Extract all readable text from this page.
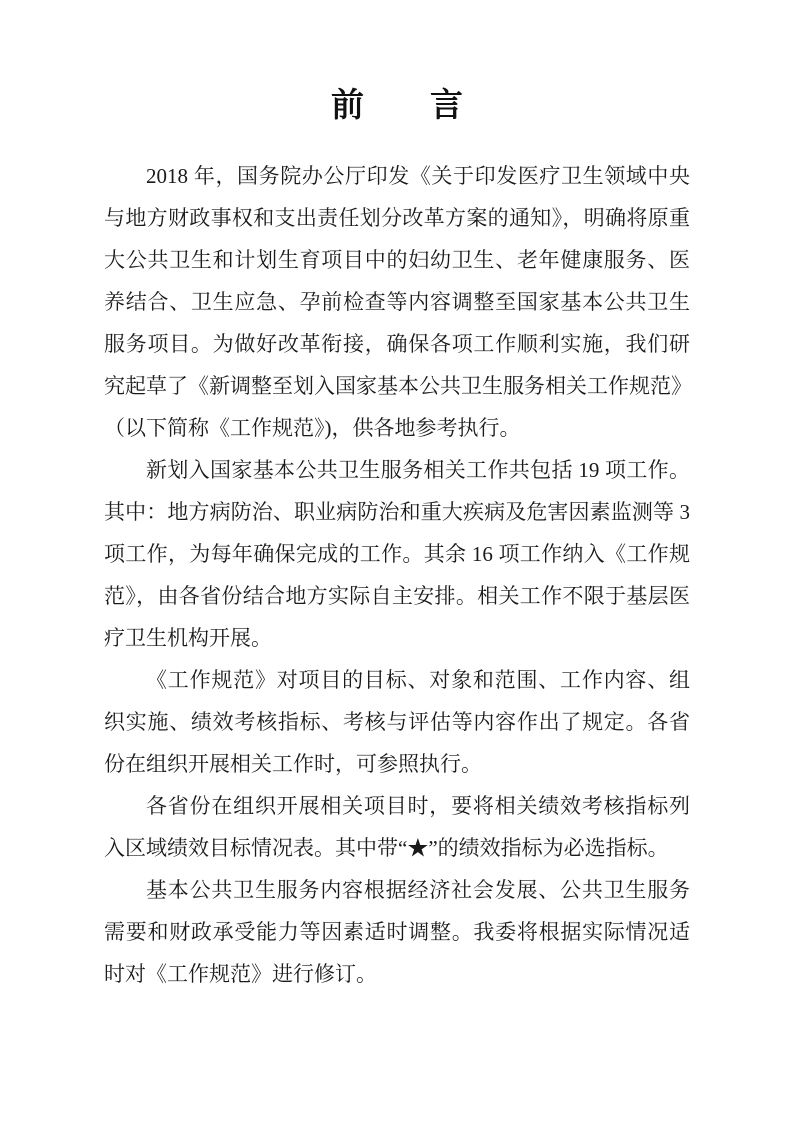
前　　言
2018 年，国务院办公厅印发《关于印发医疗卫生领域中央
与地方财政事权和支出责任划分改革方案的通知》，明确将原重
大公共卫生和计划生育项目中的妇幼卫生、老年健康服务、医
养结合、卫生应急、孕前检查等内容调整至国家基本公共卫生
服务项目。为做好改革衔接，确保各项工作顺利实施，我们研
究起草了《新调整至划入国家基本公共卫生服务相关工作规范》
（以下简称《工作规范》)，供各地参考执行。
新划入国家基本公共卫生服务相关工作共包括 19 项工作。
其中：地方病防治、职业病防治和重大疾病及危害因素监测等 3
项工作，为每年确保完成的工作。其余 16 项工作纳入《工作规
范》，由各省份结合地方实际自主安排。相关工作不限于基层医
疗卫生机构开展。
《工作规范》对项目的目标、对象和范围、工作内容、组
织实施、绩效考核指标、考核与评估等内容作出了规定。各省
份在组织开展相关工作时，可参照执行。
各省份在组织开展相关项目时，要将相关绩效考核指标列
入区域绩效目标情况表。其中带“★”的绩效指标为必选指标。
基本公共卫生服务内容根据经济社会发展、公共卫生服务
需要和财政承受能力等因素适时调整。我委将根据实际情况适
时对《工作规范》进行修订。
